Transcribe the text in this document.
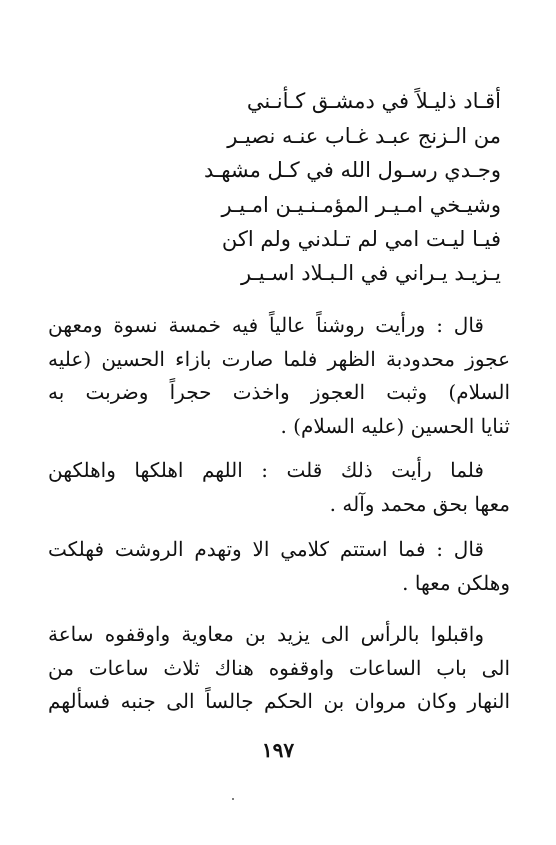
أقـاد ذليـلاً في دمشـق كـأنـني
من الـزنج عبـد غـاب عنـه نصيـر
وجـدي رسـول الله في كـل مشهـد
وشيـخي امـيـر المؤمـنـيـن امـيـر
فيـا ليـت امي لم تـلدني ولم اكن
يـزيـد يـراني في الـبـلاد اسـيـر
قال : ورأيت روشناً عالياً فيه خمسة نسوة ومعهن
عجوز محدودبة الظهر فلما صارت بازاء الحسين (عليه
السلام) وثبت العجوز واخذت حجراً وضربت به
ثنايا الحسين (عليه السلام) .
فلما رأيت ذلك قلت : اللهم اهلكها واهلكهن
معها بحق محمد وآله .
قال : فما استتم كلامي الا وتهدم الروشت فهلكت
وهلكن معها .
واقبلوا بالرأس الى يزيد بن معاوية واوقفوه ساعة
الى باب الساعات واوقفوه هناك ثلاث ساعات من
النهار وكان مروان بن الحكم جالساً الى جنبه فسألهم
١٩٧
